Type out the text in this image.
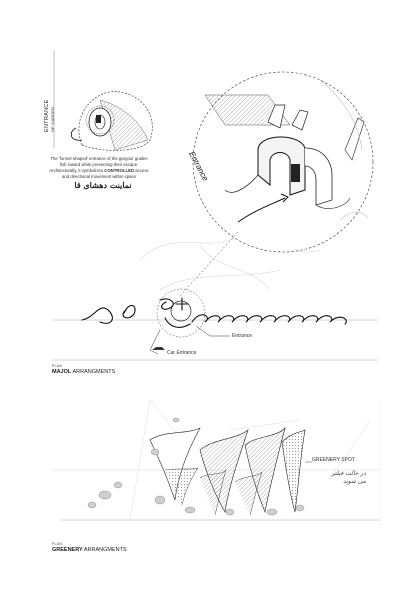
ENTRANCE OF GARDEN
The 'funnel-shaped' entrance of the gargoor guides fish inward while preventing their escape. Architecturally, it symbolizes CONTROLLED access and directional movement within space
نماينت دهشاى قا
Entrance
Entrance
Car Entrance
PLAN
MAJOL ARRANGMENTS
GREENERY SPOT
در حالت فیلتر می شوند
PLAN
GREENERY ARRANGMENTS
